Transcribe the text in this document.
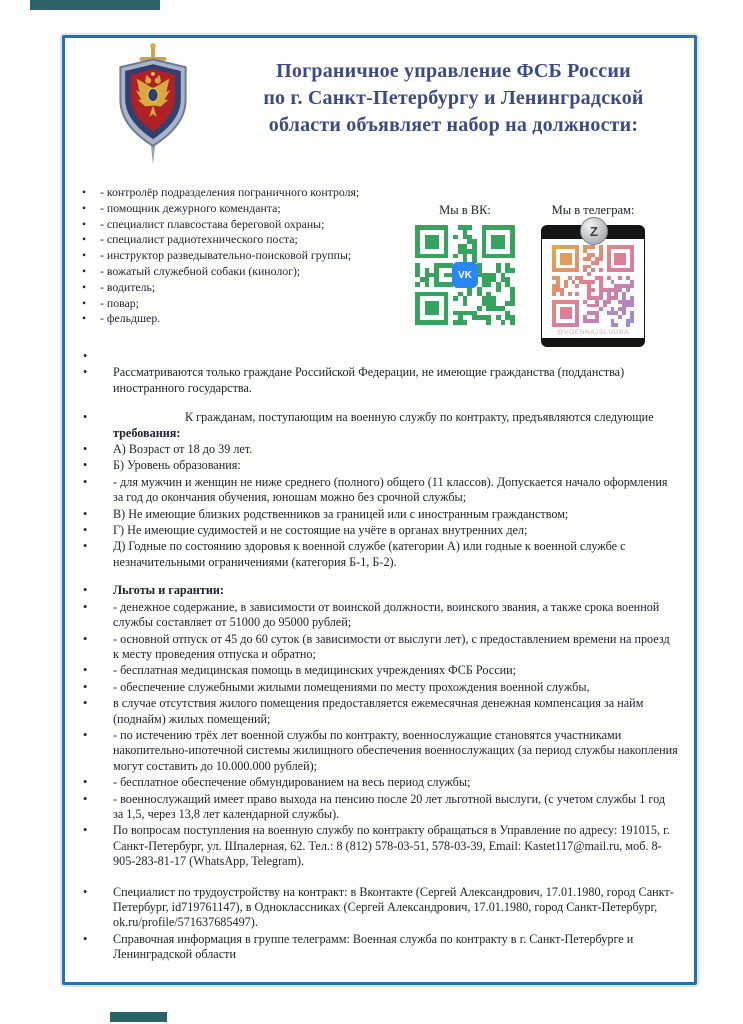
Пограничное управление ФСБ России
по г. Санкт-Петербургу и Ленинградской
области объявляет набор на должности:
•	- контролёр подразделения пограничного контроля;
•	- помощник дежурного коменданта;
•	- специалист плавсостава береговой охраны;
•	- специалист радиотехнического поста;
•	- инструктор разведывательно-поисковой группы;
•	- вожатый служебной собаки (кинолог);
•	- водитель;
•	- повар;
•	- фельдшер.
Мы в ВК:
VK
Мы в телеграм:
Z
@VOENNAJSLUGBA
•

•	Рассматриваются только граждане Российской Федерации, не имеющие гражданства (подданства) иностранного государства.
•	К гражданам, поступающим на военную службу по контракту, предъявляются следующие требования:
•	А) Возраст от 18 до 39 лет.
•	Б) Уровень образования:
•	- для мужчин и женщин не ниже среднего (полного) общего (11 классов). Допускается начало оформления за год до окончания обучения, юношам можно без срочной службы;
•	В) Не имеющие близких родственников за границей или с иностранным гражданством;
•	Г) Не имеющие судимостей и не состоящие на учёте в органах внутренних дел;
•	Д) Годные по состоянию здоровья к военной службе (категории А) или годные к военной службе с незначительными ограничениями (категория Б-1, Б-2).
•	Льготы и гарантии:
•	- денежное содержание, в зависимости от воинской должности, воинского звания, а также срока военной службы составляет от 51000 до 95000 рублей;
•	- основной отпуск от 45 до 60 суток (в зависимости от выслуги лет), с предоставлением времени на проезд к месту проведения отпуска и обратно;
•	- бесплатная медицинская помощь в медицинских учреждениях ФСБ России;
•	- обеспечение служебными жилыми помещениями по месту прохождения военной службы,
•	в случае отсутствия жилого помещения предоставляется ежемесячная денежная компенсация за найм (поднайм) жилых помещений;
•	- по истечению трёх лет военной службы по контракту, военнослужащие становятся участниками накопительно-ипотечной системы жилищного обеспечения военнослужащих (за период службы накопления могут составить до 10.000.000 рублей);
•	- бесплатное обеспечение обмундированием на весь период службы;
•	- военнослужащий имеет право выхода на пенсию после 20 лет льготной выслуги, (с учетом службы 1 год за 1,5, через 13,8 лет календарной службы).
•	По вопросам поступления на военную службу по контракту обращаться в Управление по адресу: 191015, г. Санкт-Петербург, ул. Шпалерная, 62. Тел.: 8 (812) 578-03-51, 578-03-39, Email: Kastet117@mail.ru, моб. 8-905-283-81-17 (WhatsApp, Telegram).
•	Специалист по трудоустройству на контракт: в Вконтакте (Сергей Александрович, 17.01.1980, город Санкт-Петербург, id719761147), в Одноклассниках (Сергей Александрович, 17.01.1980, город Санкт-Петербург, ok.ru/profile/571637685497).
•	Справочная информация в группе телеграмм: Военная служба по контракту в г. Санкт-Петербурге и Ленинградской области
